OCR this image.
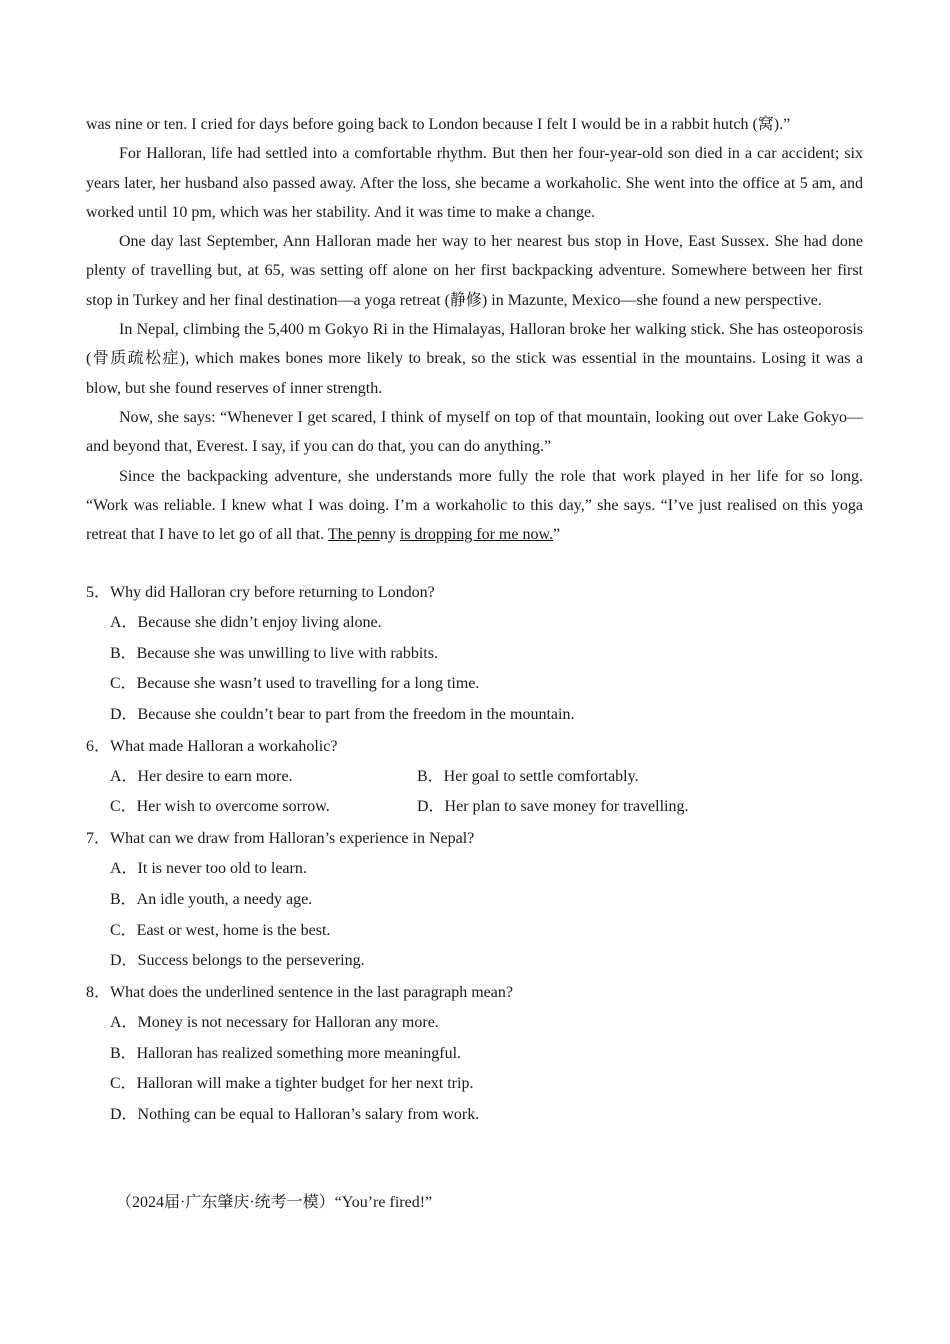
was nine or ten. I cried for days before going back to London because I felt I would be in a rabbit hutch (窝).”

For Halloran, life had settled into a comfortable rhythm. But then her four-year-old son died in a car accident; six years later, her husband also passed away. After the loss, she became a workaholic. She went into the office at 5 am, and worked until 10 pm, which was her stability. And it was time to make a change.

One day last September, Ann Halloran made her way to her nearest bus stop in Hove, East Sussex. She had done plenty of travelling but, at 65, was setting off alone on her first backpacking adventure. Somewhere between her first stop in Turkey and her final destination—a yoga retreat (静修) in Mazunte, Mexico—she found a new perspective.

In Nepal, climbing the 5,400 m Gokyo Ri in the Himalayas, Halloran broke her walking stick. She has osteoporosis (骨质疏松症), which makes bones more likely to break, so the stick was essential in the mountains. Losing it was a blow, but she found reserves of inner strength.

Now, she says: “Whenever I get scared, I think of myself on top of that mountain, looking out over Lake Gokyo—and beyond that, Everest. I say, if you can do that, you can do anything.”

Since the backpacking adventure, she understands more fully the role that work played in her life for so long. “Work was reliable. I knew what I was doing. I’m a workaholic to this day,” she says. “I’ve just realised on this yoga retreat that I have to let go of all that. The penny is dropping for me now.”

5．Why did Halloran cry before returning to London?
A．Because she didn’t enjoy living alone.
B．Because she was unwilling to live with rabbits.
C．Because she wasn’t used to travelling for a long time.
D．Because she couldn’t bear to part from the freedom in the mountain.
6．What made Halloran a workaholic?
A．Her desire to earn more.	B．Her goal to settle comfortably.
C．Her wish to overcome sorrow.	D．Her plan to save money for travelling.
7．What can we draw from Halloran’s experience in Nepal?
A．It is never too old to learn.
B．An idle youth, a needy age.
C．East or west, home is the best.
D．Success belongs to the persevering.
8．What does the underlined sentence in the last paragraph mean?
A．Money is not necessary for Halloran any more.
B．Halloran has realized something more meaningful.
C．Halloran will make a tighter budget for her next trip.
D．Nothing can be equal to Halloran’s salary from work.
（2024届·广东肇庆·统考一模）“You’re fired!”
